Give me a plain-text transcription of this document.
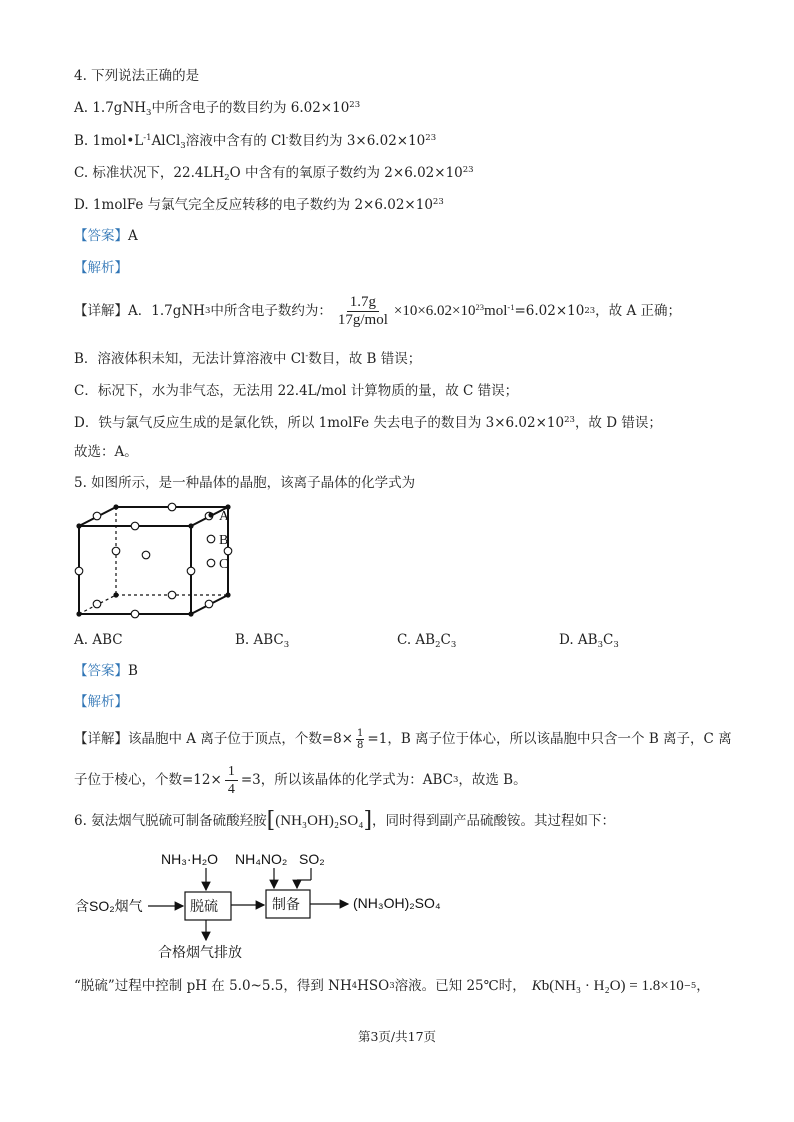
4. 下列说法正确的是
A. 1.7gNH$_3$中所含电子的数目约为 $6.02\times 10^{23}$
B. $1mol•L^{-1}AlCl_3$溶液中含有的 Cl-数目约为 $3\times 6.02\times 10^{23}$
C. 标准状况下，$22.4LH_2O$ 中含有的氧原子数约为 $2\times 6.02\times 10^{23}$
D. 1molFe 与氯气完全反应转移的电子数约为 $2\times 6.02\times 10^{23}$
【答案】A
【解析】
【详解】A．1.7gNH 3 中所含电子数约为： $\frac{1.7g}{\text{17g/mol}} \times 10\times 6.02\times 10^{23}mol^{-1} =6.02\times 10$ 23 ，故 A 正确；
B．溶液体积未知，无法计算溶液中 Cl-数目，故 B 错误；
C．标况下，水为非气态，无法用 22.4L/mol 计算物质的量，故 C 错误；
D．铁与氯气反应生成的是氯化铁，所以 1molFe 失去电子的数目为 $3\times 6.02\times 10^{23}$，故 D 错误；
故选：A。
5. 如图所示，是一种晶体的晶胞，该离子晶体的化学式为
A
B
C
A. ABC	B. $ABC_3$	C. $AB_2C_3$	D. $AB_3C_3$
【答案】B
【解析】
【详解】该晶胞中 A 离子位于顶点，个数$=8\times \frac{1}{8} =1$，B 离子位于体心，所以该晶胞中只含一个 B 离子，C 离
子位于棱心，个数$=12\times \frac{1}{4} =3$，所以该晶体的化学式为：ABC 3 ，故选 B。
6. 氨法烟气脱硫可制备硫酸羟胺 [ (NH₃OH)₂SO₄ ] ，同时得到副产品硫酸铵。其过程如下：
NH₃·H₂O NH₄NO₂ SO₂
含SO₂烟气	脱硫	制备	(NH₃OH)₂SO₄
合格烟气排放
“脱硫”过程中控制 pH 在 5.0~5.5，得到 NH 4 HSO 3 溶液。已知 25℃时， K b (NH₃ · H₂O) = 1.8×10 −5 ，
第3页/共17页
